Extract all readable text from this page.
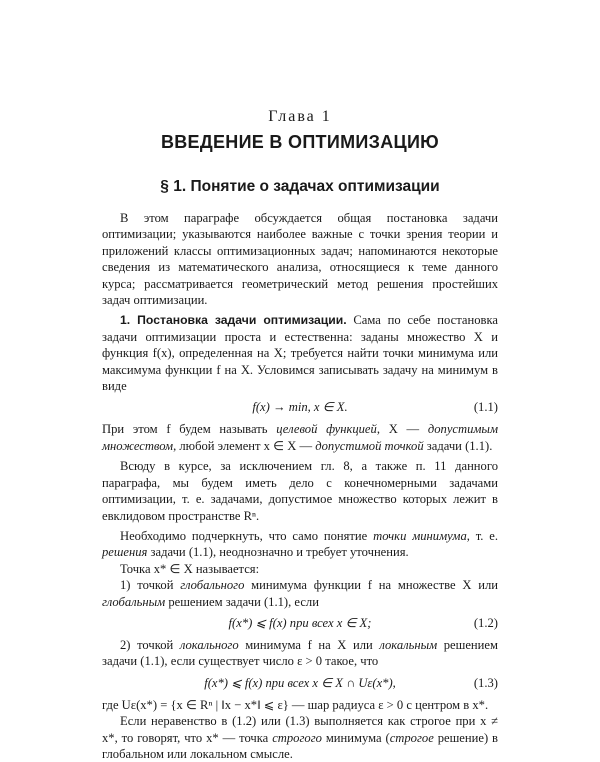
Глава 1
ВВЕДЕНИЕ В ОПТИМИЗАЦИЮ
§ 1. Понятие о задачах оптимизации

В этом параграфе обсуждается общая постановка задачи оптимизации; указываются наиболее важные с точки зрения теории и приложений классы оптимизационных задач; напоминаются некоторые сведения из математического анализа, относящиеся к теме данного курса; рассматривается геометрический метод решения простейших задач оптимизации.

1. Постановка задачи оптимизации. Сама по себе постановка задачи оптимизации проста и естественна: заданы множество X и функция f(x), определенная на X; требуется найти точки минимума или максимума функции f на X. Условимся записывать задачу на минимум в виде

f(x) → min, x ∈ X.	(1.1)

При этом f будем называть целевой функцией, X — допустимым множеством, любой элемент x ∈ X — допустимой точкой задачи (1.1).

Всюду в курсе, за исключением гл. 8, а также п. 11 данного параграфа, мы будем иметь дело с конечномерными задачами оптимизации, т. е. задачами, допустимое множество которых лежит в евклидовом пространстве Rⁿ.

Необходимо подчеркнуть, что само понятие точки минимума, т. е. решения задачи (1.1), неоднозначно и требует уточнения.

Точка x* ∈ X называется:

1) точкой глобального минимума функции f на множестве X или глобальным решением задачи (1.1), если

f(x*) ⩽ f(x) при всех x ∈ X;	(1.2)

2) точкой локального минимума f на X или локальным решением задачи (1.1), если существует число ε > 0 такое, что

f(x*) ⩽ f(x) при всех x ∈ X ∩ Uε(x*),	(1.3)

где Uε(x*) = {x ∈ Rⁿ | ‖x − x*‖ ⩽ ε} — шар радиуса ε > 0 с центром в x*.

Если неравенство в (1.2) или (1.3) выполняется как строгое при x ≠ x*, то говорят, что x* — точка строгого минимума (строгое решение) в глобальном или локальном смысле.
